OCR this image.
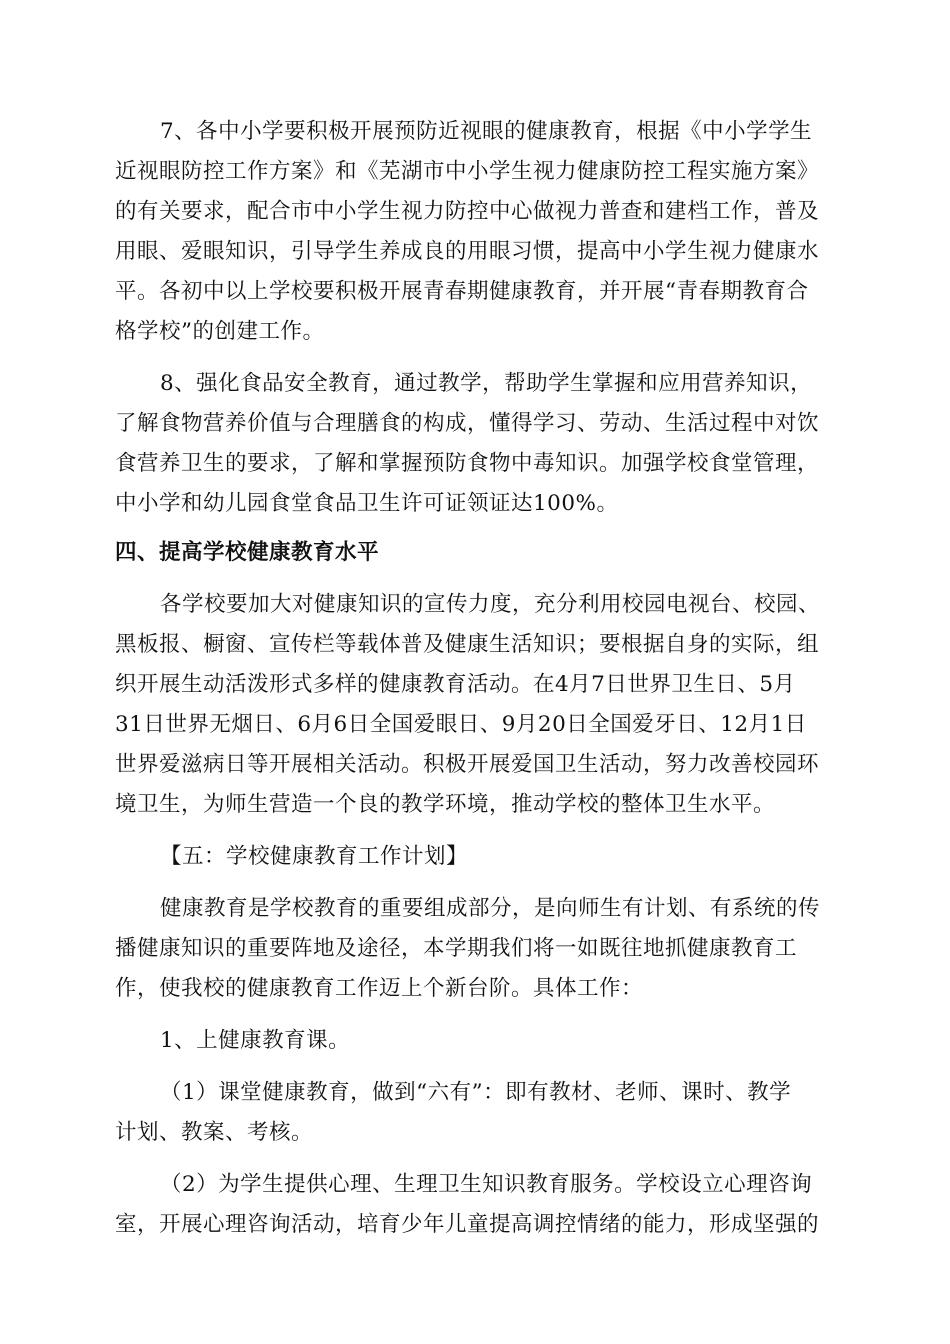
7、各中小学要积极开展预防近视眼的健康教育，根据《中小学学生
近视眼防控工作方案》和《芜湖市中小学生视力健康防控工程实施方案》
的有关要求，配合市中小学生视力防控中心做视力普查和建档工作，普及
用眼、爱眼知识，引导学生养成良的用眼习惯，提高中小学生视力健康水
平。各初中以上学校要积极开展青春期健康教育，并开展“青春期教育合
格学校”的创建工作。
8、强化食品安全教育，通过教学，帮助学生掌握和应用营养知识，
了解食物营养价值与合理膳食的构成，懂得学习、劳动、生活过程中对饮
食营养卫生的要求，了解和掌握预防食物中毒知识。加强学校食堂管理，
中小学和幼儿园食堂食品卫生许可证领证达100%。
四、提高学校健康教育水平
各学校要加大对健康知识的宣传力度，充分利用校园电视台、校园、
黑板报、橱窗、宣传栏等载体普及健康生活知识；要根据自身的实际，组
织开展生动活泼形式多样的健康教育活动。在4月7日世界卫生日、5月
31日世界无烟日、6月6日全国爱眼日、9月20日全国爱牙日、12月1日
世界爱滋病日等开展相关活动。积极开展爱国卫生活动，努力改善校园环
境卫生，为师生营造一个良的教学环境，推动学校的整体卫生水平。
【五：学校健康教育工作计划】
健康教育是学校教育的重要组成部分，是向师生有计划、有系统的传
播健康知识的重要阵地及途径，本学期我们将一如既往地抓健康教育工
作，使我校的健康教育工作迈上个新台阶。具体工作：
1、上健康教育课。
（1）课堂健康教育，做到“六有”：即有教材、老师、课时、教学
计划、教案、考核。
（2）为学生提供心理、生理卫生知识教育服务。学校设立心理咨询
室，开展心理咨询活动，培育少年儿童提高调控情绪的能力，形成坚强的
